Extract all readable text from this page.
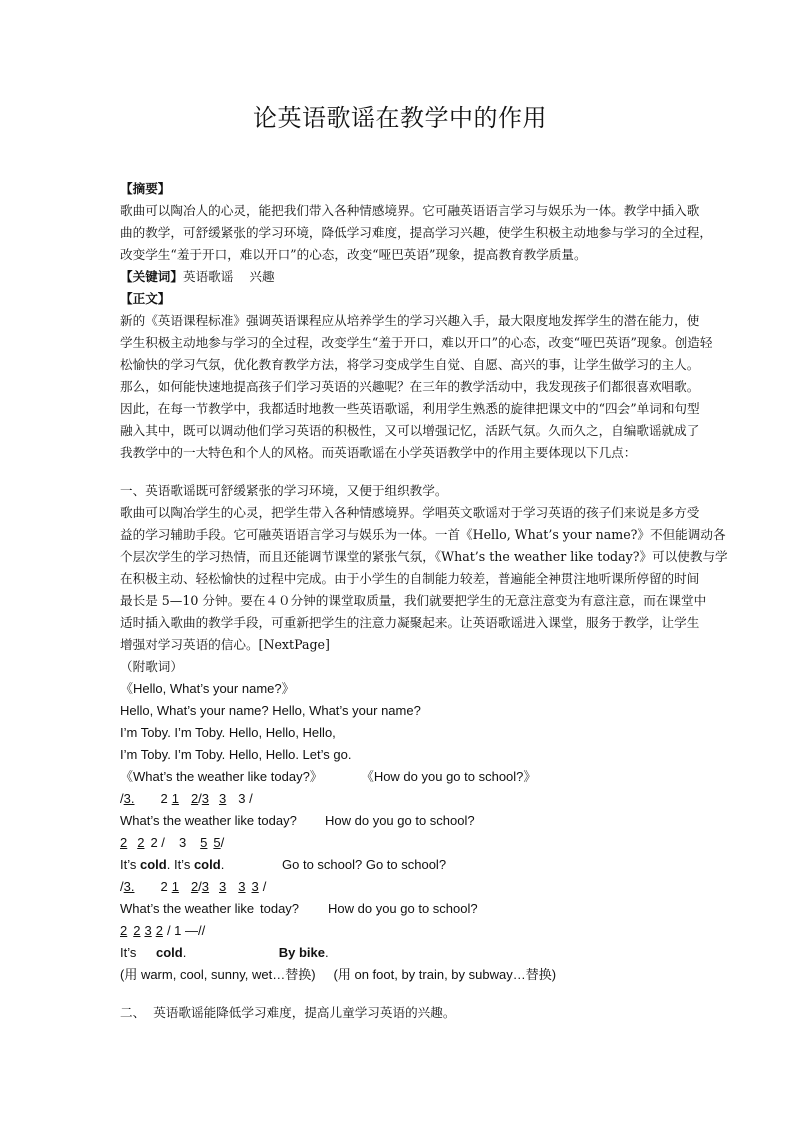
论英语歌谣在教学中的作用
【摘要】
歌曲可以陶冶人的心灵，能把我们带入各种情感境界。它可融英语语言学习与娱乐为一体。教学中插入歌
曲的教学，可舒缓紧张的学习环境，降低学习难度，提高学习兴趣，使学生积极主动地参与学习的全过程，
改变学生“羞于开口，难以开口”的心态，改变“哑巴英语”现象，提高教育教学质量。
【关键词】英语歌谣    兴趣
【正文】
新的《英语课程标准》强调英语课程应从培养学生的学习兴趣入手，最大限度地发挥学生的潜在能力，使
学生积极主动地参与学习的全过程，改变学生“羞于开口，难以开口”的心态，改变“哑巴英语”现象。创造轻
松愉快的学习气氛，优化教育教学方法，将学习变成学生自觉、自愿、高兴的事，让学生做学习的主人。
那么，如何能快速地提高孩子们学习英语的兴趣呢？在三年的教学活动中，我发现孩子们都很喜欢唱歌。
因此，在每一节教学中，我都适时地教一些英语歌谣，利用学生熟悉的旋律把课文中的“四会”单词和句型
融入其中，既可以调动他们学习英语的积极性，又可以增强记忆，活跃气氛。久而久之，自编歌谣就成了
我教学中的一大特色和个人的风格。而英语歌谣在小学英语教学中的作用主要体现以下几点：
一、英语歌谣既可舒缓紧张的学习环境，又便于组织教学。
歌曲可以陶冶学生的心灵，把学生带入各种情感境界。学唱英文歌谣对于学习英语的孩子们来说是多方受
益的学习辅助手段。它可融英语语言学习与娱乐为一体。一首《Hello, What’s your name?》不但能调动各
个层次学生的学习热情，而且还能调节课堂的紧张气氛，《What’s the weather like today?》可以使教与学
在积极主动、轻松愉快的过程中完成。由于小学生的自制能力较差，普遍能全神贯注地听课所停留的时间
最长是 5—10 分钟。要在４０分钟的课堂取质量，我们就要把学生的无意注意变为有意注意，而在课堂中
适时插入歌曲的教学手段，可重新把学生的注意力凝聚起来。让英语歌谣进入课堂，服务于教学，让学生
增强对学习英语的信心。[NextPage]
（附歌词）
《Hello, What’s your name?》
Hello, What’s your name? Hello, What’s your name?
I’m Toby. I’m Toby. Hello, Hello, Hello,
I’m Toby. I’m Toby. Hello, Hello. Let’s go.
《What’s the weather like today?》	《How do you go to school?》
/3. 2 1 2/3 3 3 /
What’s the weather like today? How do you go to school?
2 2 2 / 3 5 5/
It’s cold. It’s cold.	Go to school? Go to school?
/3. 2 1 2/3 3 3 3 /
What’s the weather like today? How do you go to school?
2 2 3 2 / 1 —//
It’s cold.	By bike.
(用 warm, cool, sunny, wet…替换) (用 on foot, by train, by subway…替换)
二、  英语歌谣能降低学习难度，提高儿童学习英语的兴趣。
